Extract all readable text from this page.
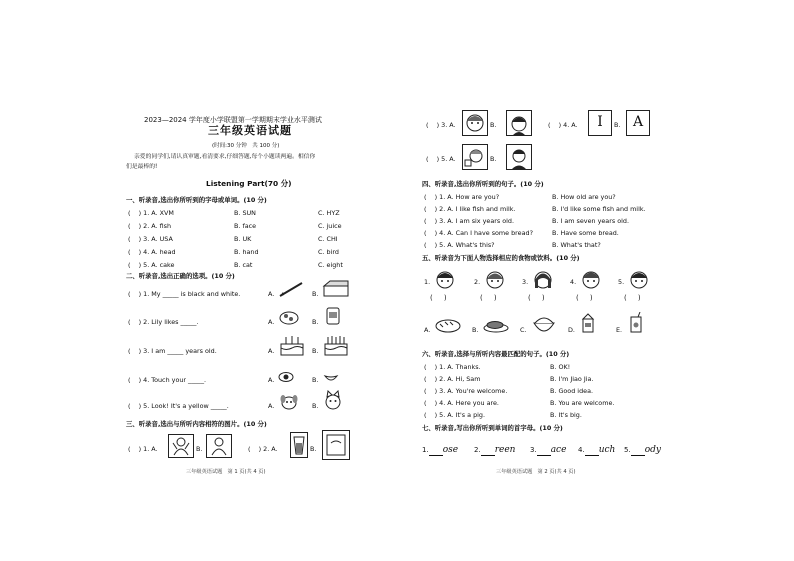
2023—2024 学年度小学联盟第一学期期末学业水平测试
三年级英语试题
(时间:30 分钟　共 100 分)
亲爱的同学们,请认真审题,看清要求,仔细答题,每个小题读两遍。相信你
们是最棒的!
Listening Part(70 分)
一、听录音,选出你所听到的字母或单词。(10 分)
(    ) 1. A. XVM	B. SUN	C. HYZ
(    ) 2. A. fish	B. face	C. juice
(    ) 3. A. USA	B. UK	C. CHI
(    ) 4. A. head	B. hand	C. bird
(    ) 5. A. cake	B. cat	C. eight
二、听录音,选出正确的选项。(10 分)
(    ) 1. My _____ is black and white.	A.	B.
(    ) 2. Lily likes _____.	A.	B.
(    ) 3. I am _____ years old.	A.	B.
(    ) 4. Touch your _____.	A.	B.
(    ) 5. Look! It's a yellow _____.	A.	B.
三、听录音,选出与所听内容相符的图片。(10 分)
(    ) 1. A.	B.	(    ) 2. A.	B.
三年级英语试题　第 1 页(共 4 页)
(    ) 3. A.	B.	(    ) 4. A.	I	B. A
(    ) 5. A.	B.
四、听录音,选出你所听到的句子。(10 分)
(    ) 1. A. How are you?	B. How old are you?
(    ) 2. A. I like fish and milk.	B. I'd like some fish and milk.
(    ) 3. A. I am six years old.	B. I am seven years old.
(    ) 4. A. Can I have some bread?	B. Have some bread.
(    ) 5. A. What's this?	B. What's that?
五、听录音为下面人物选择相应的食物或饮料。(10 分)
1.
(     )
2.
(     )
3.
(     )
4.
(     )
5.
(     )
A.	B.	C.	D.	E.
六、听录音,选择与所听内容最匹配的句子。(10 分)
(    ) 1. A. Thanks.	B. OK!
(    ) 2. A. Hi, Sam	B. I'm Jiao Jia.
(    ) 3. A. You're welcome.	B. Good idea.
(    ) 4. A. Here you are.	B. You are welcome.
(    ) 5. A. It's a pig.	B. It's big.
七、听录音,写出你所听到单词的首字母。(10 分)
1. ose 2. reen 3. ace 4. uch 5. ody
三年级英语试题　第 2 页(共 4 页)
